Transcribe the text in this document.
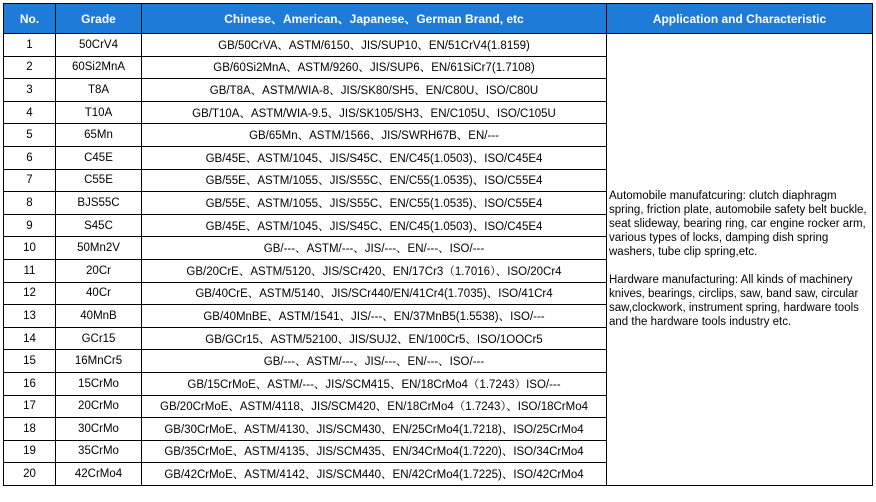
No.	Grade	Chinese、American、Japanese、German Brand, etc	Application and Characteristic
1	50CrV4	GB/50CrVA、ASTM/6150、JIS/SUP10、EN/51CrV4(1.8159)	Automobile manufatcuring: clutch diaphragm spring, friction plate, automobile safety belt buckle, seat slideway, bearing ring, car engine rocker arm, various types of locks, damping dish spring washers, tube clip spring,etc.
Hardware manufacturing: All kinds of machinery knives, bearings, circlips, saw, band saw, circular saw,clockwork, instrument spring, hardware tools and the hardware tools industry etc.

2	60Si2MnA	GB/60Si2MnA、ASTM/9260、JIS/SUP6、EN/61SiCr7(1.7108)	
3	T8A	GB/T8A、ASTM/WIA-8、JIS/SK80/SH5、EN/C80U、ISO/C80U	
4	T10A	GB/T10A、ASTM/WIA-9.5、JIS/SK105/SH3、EN/C105U、ISO/C105U	
5	65Mn	GB/65Mn、ASTM/1566、JIS/SWRH67B、EN/---	
6	C45E	GB/45E、ASTM/1045、JIS/S45C、EN/C45(1.0503)、ISO/C45E4	
7	C55E	GB/55E、ASTM/1055、JIS/S55C、EN/C55(1.0535)、ISO/C55E4	
8	BJS55C	GB/55E、ASTM/1055、JIS/S55C、EN/C55(1.0535)、ISO/C55E4	
9	S45C	GB/45E、ASTM/1045、JIS/S45C、EN/C45(1.0503)、ISO/C45E4	
10	50Mn2V	GB/---、ASTM/---、JIS/---、EN/---、ISO/---	
11	20Cr	GB/20CrE、ASTM/5120、JIS/SCr420、EN/17Cr3（1.7016）、ISO/20Cr4	
12	40Cr	GB/40CrE、ASTM/5140、JIS/SCr440/EN/41Cr4(1.7035)、ISO/41Cr4	
13	40MnB	GB/40MnBE、ASTM/1541、JIS/---、EN/37MnB5(1.5538)、ISO/---	
14	GCr15	GB/GCr15、ASTM/52100、JIS/SUJ2、EN/100Cr5、ISO/1OOCr5	
15	16MnCr5	GB/---、ASTM/---、JIS/---、EN/---、ISO/---	
16	15CrMo	GB/15CrMoE、ASTM/---、JIS/SCM415、EN/18CrMo4（1.7243）ISO/---	
17	20CrMo	GB/20CrMoE、ASTM/4118、JIS/SCM420、EN/18CrMo4（1.7243）、ISO/18CrMo4	
18	30CrMo	GB/30CrMoE、ASTM/4130、JIS/SCM430、EN/25CrMo4(1.7218)、ISO/25CrMo4	
19	35CrMo	GB/35CrMoE、ASTM/4135、JIS/SCM435、EN/34CrMo4(1.7220)、ISO/34CrMo4	
20	42CrMo4	GB/42CrMoE、ASTM/4142、JIS/SCM440、EN/42CrMo4(1.7225)、ISO/42CrMo4	
